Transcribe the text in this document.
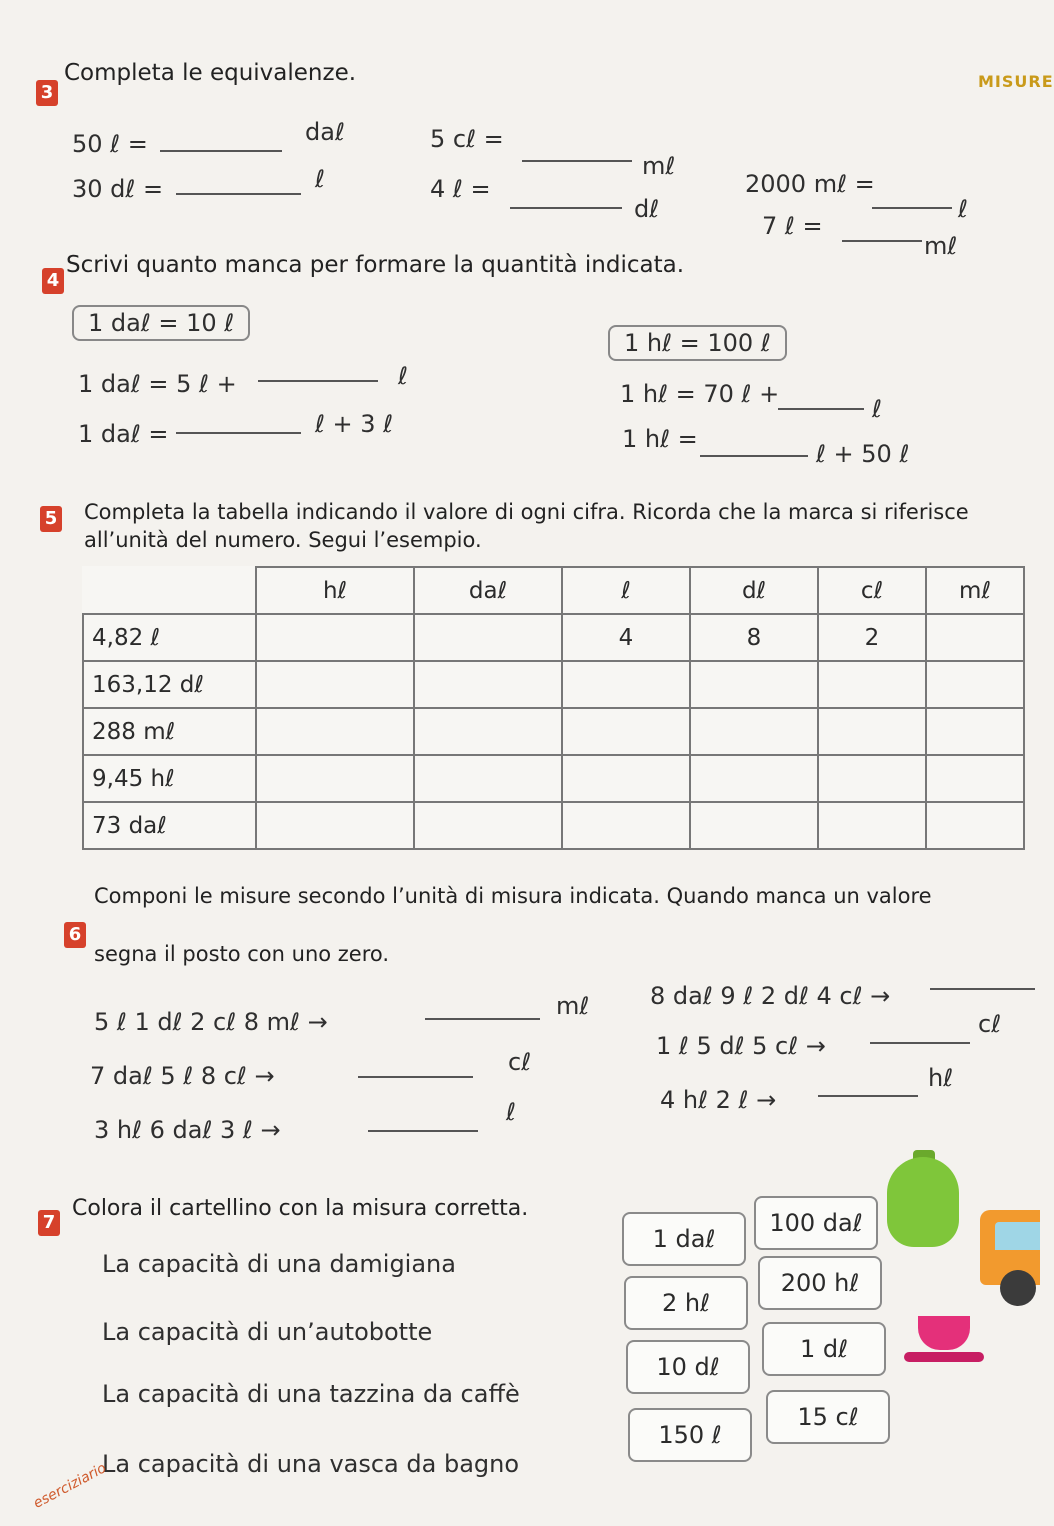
MISURE
3
Completa le equivalenze.
50 ℓ =	daℓ
30 dℓ =	ℓ
5 cℓ =
mℓ
4 ℓ =
dℓ
2000 mℓ =
ℓ
7 ℓ =
mℓ
4
Scrivi quanto manca per formare la quantità indicata.
1 daℓ = 10 ℓ
1 daℓ = 5 ℓ +	ℓ
1 daℓ =	ℓ + 3 ℓ
1 hℓ = 100 ℓ
1 hℓ = 70 ℓ +
ℓ
1 hℓ =
ℓ + 50 ℓ
5 Completa la tabella indicando il valore di ogni cifra. Ricorda che la marca si riferisce
all’unità del numero. Segui l’esempio.
	hℓ	daℓ	ℓ	dℓ	cℓ	mℓ
4,82 ℓ			4	8	2	
163,12 dℓ						
288 mℓ						
9,45 hℓ						
73 daℓ						
6
Componi le misure secondo l’unità di misura indicata. Quando manca un valore
segna il posto con uno zero.
5 ℓ 1 dℓ 2 cℓ 8 mℓ →
mℓ
7 daℓ 5 ℓ 8 cℓ →	cℓ
3 hℓ 6 daℓ 3 ℓ →
ℓ
8 daℓ 9 ℓ 2 dℓ 4 cℓ →
1 ℓ 5 dℓ 5 cℓ →
cℓ
4 hℓ 2 ℓ →
hℓ
7
Colora il cartellino con la misura corretta.
La capacità di una damigiana
1 daℓ
100 daℓ
La capacità di un’autobotte
2 hℓ
200 hℓ
La capacità di una tazzina da caffè
10 dℓ
1 dℓ
La capacità di una vasca da bagno
150 ℓ
15 cℓ
eserciziario
